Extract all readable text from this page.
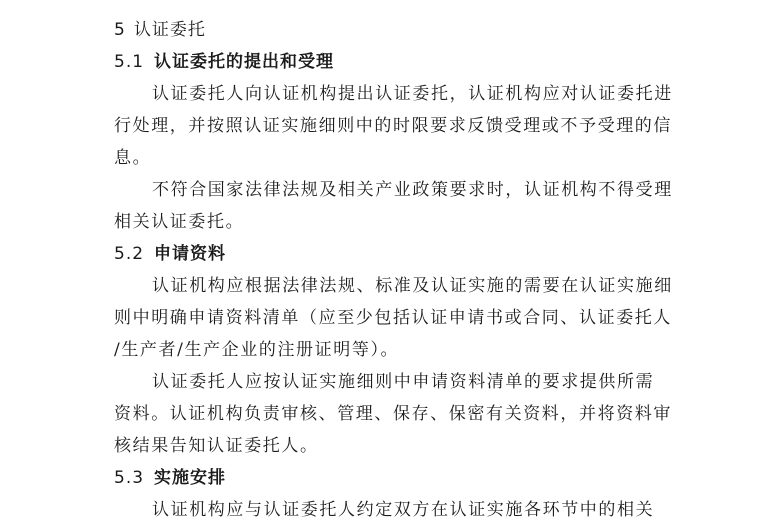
5 认证委托
5.1 认证委托的提出和受理
认证委托人向认证机构提出认证委托，认证机构应对认证委托进
行处理，并按照认证实施细则中的时限要求反馈受理或不予受理的信
息。
不符合国家法律法规及相关产业政策要求时，认证机构不得受理
相关认证委托。
5.2 申请资料
认证机构应根据法律法规、标准及认证实施的需要在认证实施细
则中明确申请资料清单（应至少包括认证申请书或合同、认证委托人
/生产者/生产企业的注册证明等）。
认证委托人应按认证实施细则中申请资料清单的要求提供所需
资料。认证机构负责审核、管理、保存、保密有关资料，并将资料审
核结果告知认证委托人。
5.3 实施安排
认证机构应与认证委托人约定双方在认证实施各环节中的相关
